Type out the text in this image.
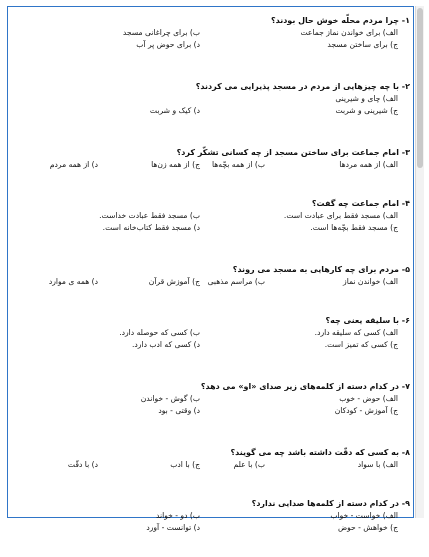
۱- چرا مردم محلّه خوش حال بودند؟
الف) برای خواندن نماز جماعت
ب) برای چراغانی مسجد
ج) برای ساختن مسجد
د) برای حوض پر آب
۲- با چه چیزهایی از مردم در مسجد پذیرایی می کردند؟
الف) چای و شیرینی
ج) شیرینی و شربت
د) کیک و شربت
۳- امام جماعت برای ساختن مسجد از چه کسانی تشکّر کرد؟
الف) از همه مردها
ب) از همه بچّه‌ها
ج) از همه زن‌ها
د) از همه مردم
۴- امام جماعت چه گفت؟
الف) مسجد فقط برای عبادت است.
ب) مسجد فقط عبادت خداست.
ج) مسجد فقط بچّه‌ها است.
د) مسجد فقط کتاب‌خانه است.
۵- مردم برای چه کارهایی به مسجد می روند؟
الف) خواندن نماز
ب) مراسم مذهبی
ج) آموزش قرآن
د) همه ی موارد
۶- با سلیقه یعنی چه؟
الف) کسی که سلیقه دارد.
ب) کسی که حوصله دارد.
ج) کسی که تمیز است.
د) کسی که ادب دارد.
۷- در کدام دسته از کلمه‌های زیر صدای «او» می دهد؟
الف) حوض - خوب
ب) گوش - خواندن
ج) آموزش - کودکان
د) وقتی - بود
۸- به کسی که دقّت داشته باشد چه می گویند؟
الف) با سواد
ب) با علم
ج) با ادب
د) با دقّت
۹- در کدام دسته از کلمه‌ها صدایی ندارد؟
الف) خواست - خواب
ب) دو - خواند
ج) خواهش - حوض
د) توانست - آورد
